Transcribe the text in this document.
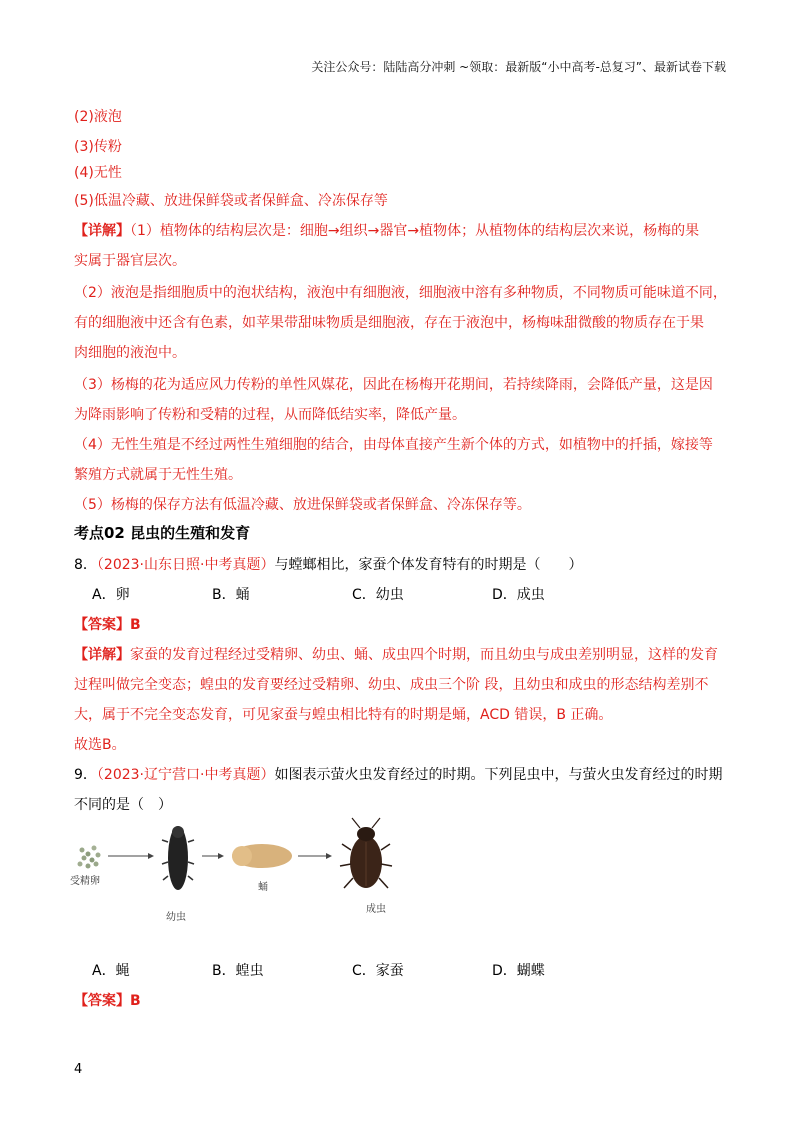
关注公众号：陆陆高分冲刺 ~领取：最新版“小中高考-总复习”、最新试卷下载
(2)液泡
(3)传粉
(4)无性
(5)低温冷藏、放进保鲜袋或者保鲜盒、冷冻保存等
【详解】（1）植物体的结构层次是：细胞→组织→器官→植物体；从植物体的结构层次来说，杨梅的果
实属于器官层次。
（2）液泡是指细胞质中的泡状结构，液泡中有细胞液，细胞液中溶有多种物质，不同物质可能味道不同，
有的细胞液中还含有色素，如苹果带甜味物质是细胞液，存在于液泡中，杨梅味甜微酸的物质存在于果
肉细胞的液泡中。
（3）杨梅的花为适应风力传粉的单性风媒花，因此在杨梅开花期间，若持续降雨，会降低产量，这是因
为降雨影响了传粉和受精的过程，从而降低结实率，降低产量。
（4）无性生殖是不经过两性生殖细胞的结合，由母体直接产生新个体的方式，如植物中的扦插，嫁接等
繁殖方式就属于无性生殖。
（5）杨梅的保存方法有低温冷藏、放进保鲜袋或者保鲜盒、冷冻保存等。
考点02 昆虫的生殖和发育
8．（2023·山东日照·中考真题）与螳螂相比，家蚕个体发育特有的时期是（　　）
A．卵	B．蛹	C．幼虫	D．成虫
【答案】B
【详解】家蚕的发育过程经过受精卵、幼虫、蛹、成虫四个时期，而且幼虫与成虫差别明显，这样的发育
过程叫做完全变态；蝗虫的发育要经过受精卵、幼虫、成虫三个阶 段，且幼虫和成虫的形态结构差别不
大，属于不完全变态发育，可见家蚕与蝗虫相比特有的时期是蛹，ACD 错误，B 正确。
故选B。
9．（2023·辽宁营口·中考真题）如图表示萤火虫发育经过的时期。下列昆虫中，与萤火虫发育经过的时期
不同的是（　）
受精卵
幼虫
蛹
成虫
A．蝇	B．蝗虫	C．家蚕	D．蝴蝶
【答案】B
4
